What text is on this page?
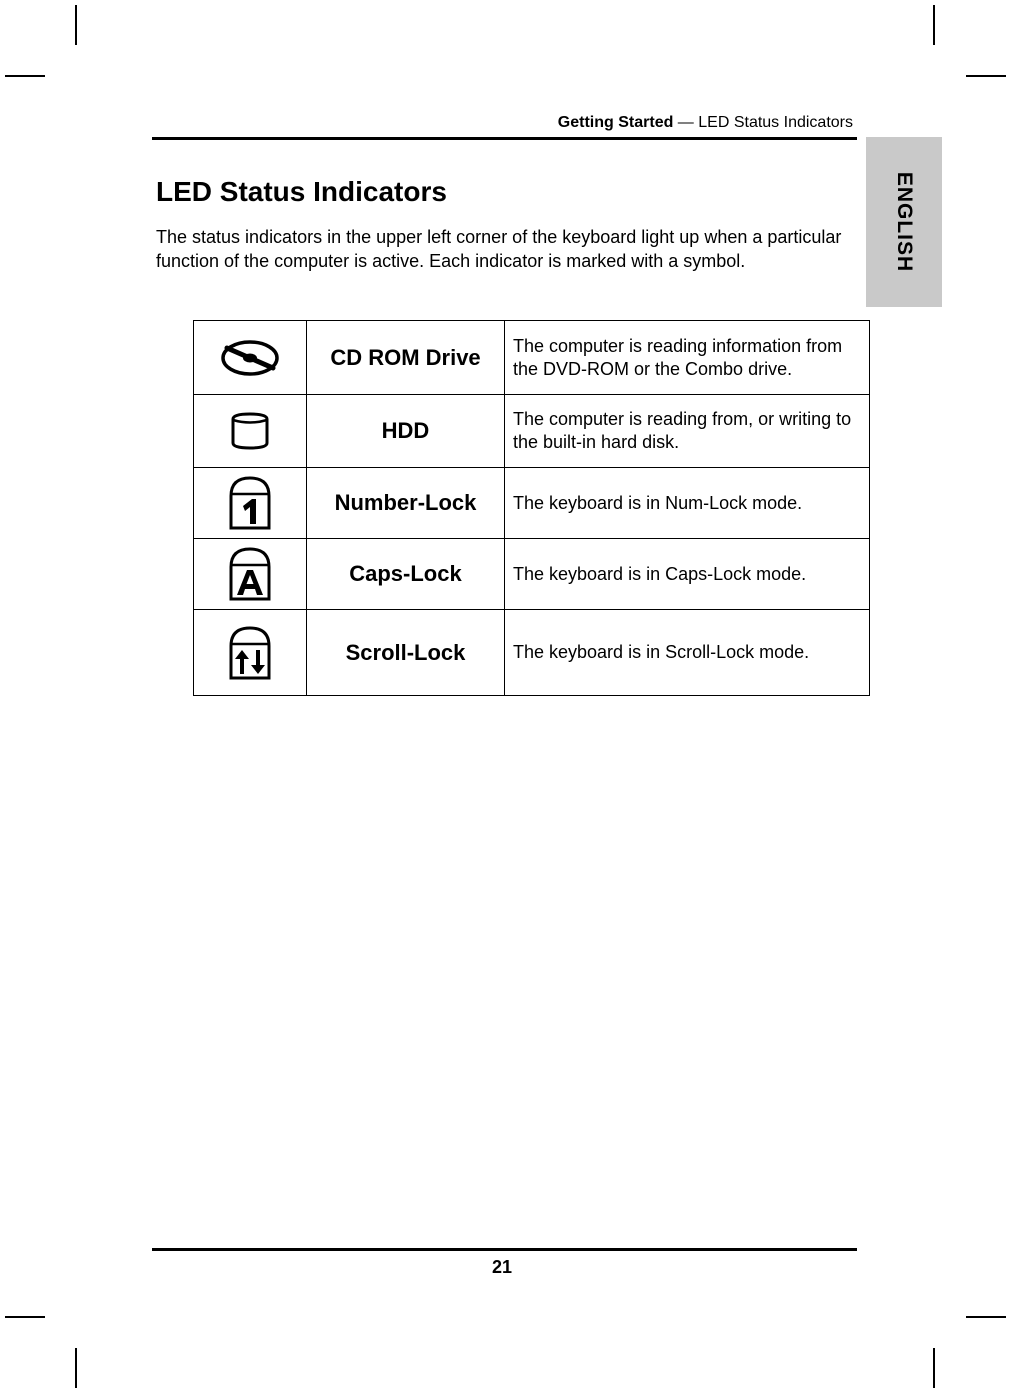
Getting Started — LED Status Indicators
ENGLISH
LED Status Indicators

The status indicators in the upper left corner of the keyboard light up when a particular function of the computer is active. Each indicator is marked with a symbol.

	CD ROM Drive	The computer is reading information from the DVD-ROM or the Combo drive.

	HDD	The computer is reading from, or writing to the built-in hard disk.

	Number-Lock	The keyboard is in Num-Lock mode.

	Caps-Lock	The keyboard is in Caps-Lock mode.

	Scroll-Lock	The keyboard is in Scroll-Lock mode.
21
